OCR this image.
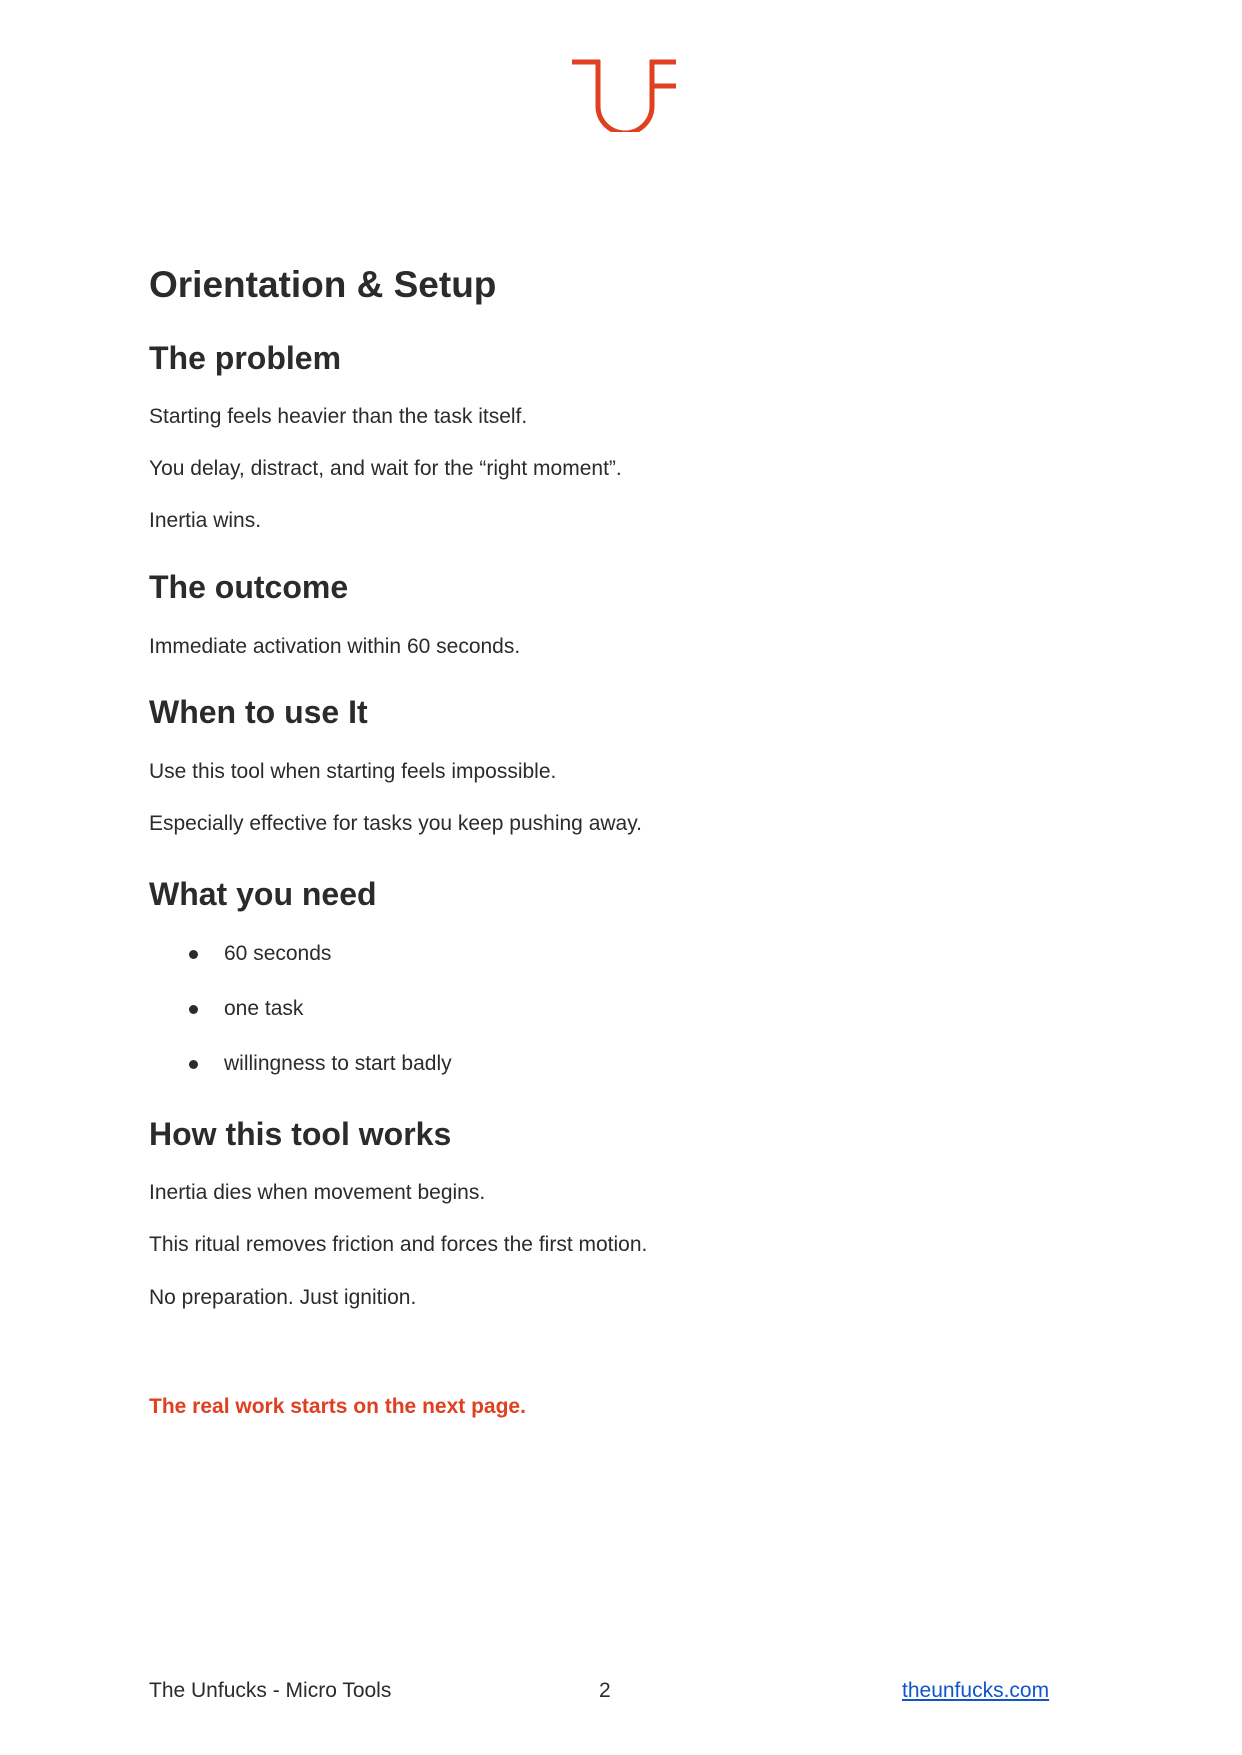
Orientation & Setup
The problem

Starting feels heavier than the task itself.

You delay, distract, and wait for the “right moment”.

Inertia wins.

The outcome

Immediate activation within 60 seconds.

When to use It

Use this tool when starting feels impossible.

Especially effective for tasks you keep pushing away.

What you need
60 seconds
one task
willingness to start badly
How this tool works

Inertia dies when movement begins.

This ritual removes friction and forces the first motion.

No preparation. Just ignition.

The real work starts on the next page.

The Unfucks - Micro Tools	2	theunfucks.com
